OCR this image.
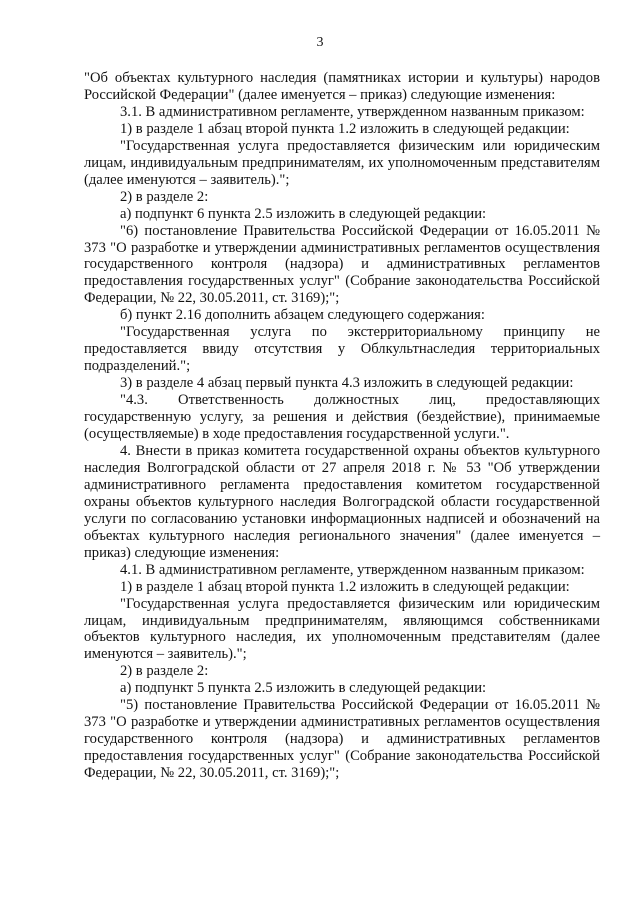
3

"Об объектах культурного наследия (памятниках истории и культуры) народов Российской Федерации" (далее именуется – приказ) следующие изменения:

3.1. В административном регламенте, утвержденном названным приказом:

1) в разделе 1 абзац второй пункта 1.2 изложить в следующей редакции:

"Государственная услуга предоставляется физическим или юридическим лицам, индивидуальным предпринимателям, их уполномоченным представителям (далее именуются – заявитель).";

2) в разделе 2:

а) подпункт 6 пункта 2.5 изложить в следующей редакции:

"6) постановление Правительства Российской Федерации от 16.05.2011 № 373 "О разработке и утверждении административных регламентов осуществления государственного контроля (надзора) и административных регламентов предоставления государственных услуг" (Собрание законодательства Российской Федерации, № 22, 30.05.2011, ст. 3169);";

б) пункт 2.16 дополнить абзацем следующего содержания:

"Государственная услуга по экстерриториальному принципу не предоставляется ввиду отсутствия у Облкультнаследия территориальных подразделений.";

3) в разделе 4 абзац первый пункта 4.3 изложить в следующей редакции:

"4.3. Ответственность должностных лиц, предоставляющих государственную услугу, за решения и действия (бездействие), принимаемые (осуществляемые) в ходе предоставления государственной услуги.".

4. Внести в приказ комитета государственной охраны объектов культурного наследия Волгоградской области от 27 апреля 2018 г. № 53 "Об утверждении административного регламента предоставления комитетом государственной охраны объектов культурного наследия Волгоградской области государственной услуги по согласованию установки информационных надписей и обозначений на объектах культурного наследия регионального значения" (далее именуется – приказ) следующие изменения:

4.1. В административном регламенте, утвержденном названным приказом:

1) в разделе 1 абзац второй пункта 1.2 изложить в следующей редакции:

"Государственная услуга предоставляется физическим или юридическим лицам, индивидуальным предпринимателям, являющимся собственниками объектов культурного наследия, их уполномоченным представителям (далее именуются – заявитель).";

2) в разделе 2:

а) подпункт 5 пункта 2.5 изложить в следующей редакции:

"5) постановление Правительства Российской Федерации от 16.05.2011 № 373 "О разработке и утверждении административных регламентов осуществления государственного контроля (надзора) и административных регламентов предоставления государственных услуг" (Собрание законодательства Российской Федерации, № 22, 30.05.2011, ст. 3169);";
